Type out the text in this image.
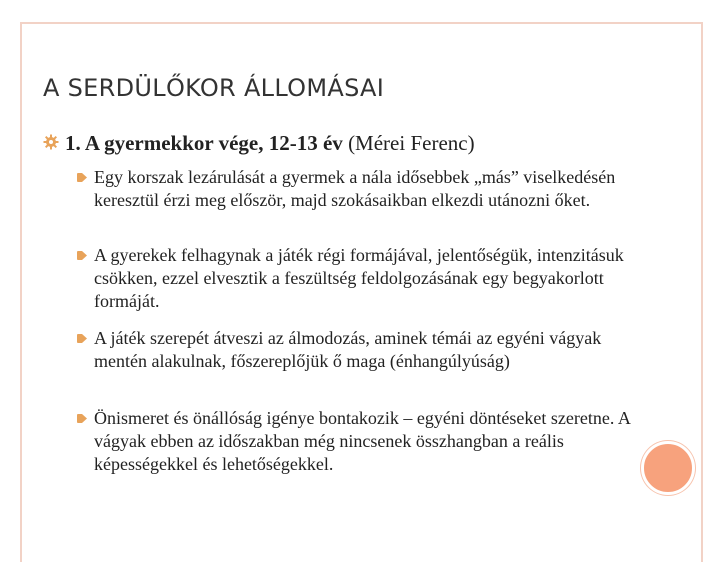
A SERDÜLŐKOR ÁLLOMÁSAI
1. A gyermekkor vége, 12-13 év (Mérei Ferenc)
Egy korszak lezárulását a gyermek a nála idősebbek „más” viselkedésén keresztül érzi meg először, majd szokásaikban elkezdi utánozni őket.
A gyerekek felhagynak a játék régi formájával, jelentőségük, intenzitásuk csökken, ezzel elvesztik a feszültség feldolgozásának egy begyakorlott formáját.
A játék szerepét átveszi az álmodozás, aminek témái az egyéni vágyak mentén alakulnak, főszereplőjük ő maga (énhangúlyúság)
Önismeret és önállóság igénye bontakozik – egyéni döntéseket szeretne. A vágyak ebben az időszakban még nincsenek összhangban a reális képességekkel és lehetőségekkel.
